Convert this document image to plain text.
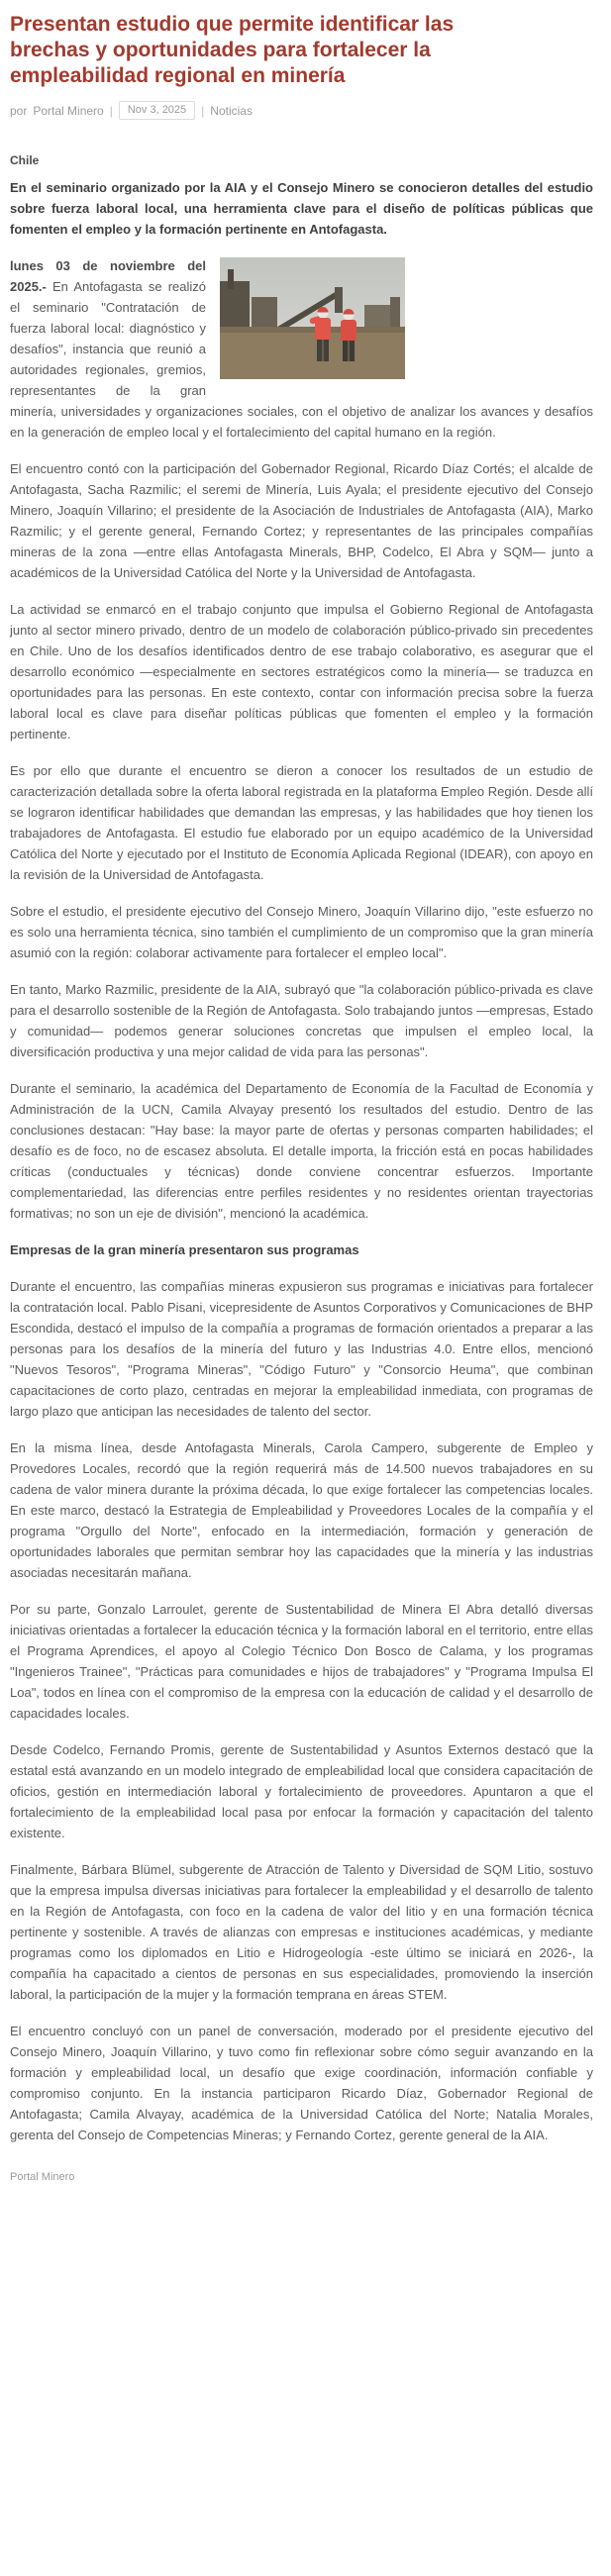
Presentan estudio que permite identificar las brechas y oportunidades para fortalecer la empleabilidad regional en minería
por Portal Minero |	Nov 3, 2025	| Noticias
Chile

En el seminario organizado por la AIA y el Consejo Minero se conocieron detalles del estudio sobre fuerza laboral local, una herramienta clave para el diseño de políticas públicas que fomenten el empleo y la formación pertinente en Antofagasta.

lunes 03 de noviembre del 2025.- En Antofagasta se realizó el seminario "Contratación de fuerza laboral local: diagnóstico y desafíos", instancia que reunió a autoridades regionales, gremios, representantes de la gran minería, universidades y organizaciones sociales, con el objetivo de analizar los avances y desafíos en la generación de empleo local y el fortalecimiento del capital humano en la región.

El encuentro contó con la participación del Gobernador Regional, Ricardo Díaz Cortés; el alcalde de Antofagasta, Sacha Razmilic; el seremi de Minería, Luis Ayala; el presidente ejecutivo del Consejo Minero, Joaquín Villarino; el presidente de la Asociación de Industriales de Antofagasta (AIA), Marko Razmilic; y el gerente general, Fernando Cortez; y representantes de las principales compañías mineras de la zona —entre ellas Antofagasta Minerals, BHP, Codelco, El Abra y SQM— junto a académicos de la Universidad Católica del Norte y la Universidad de Antofagasta.

La actividad se enmarcó en el trabajo conjunto que impulsa el Gobierno Regional de Antofagasta junto al sector minero privado, dentro de un modelo de colaboración público-privado sin precedentes en Chile. Uno de los desafíos identificados dentro de ese trabajo colaborativo, es asegurar que el desarrollo económico —especialmente en sectores estratégicos como la minería— se traduzca en oportunidades para las personas. En este contexto, contar con información precisa sobre la fuerza laboral local es clave para diseñar políticas públicas que fomenten el empleo y la formación pertinente.

Es por ello que durante el encuentro se dieron a conocer los resultados de un estudio de caracterización detallada sobre la oferta laboral registrada en la plataforma Empleo Región. Desde allí se lograron identificar habilidades que demandan las empresas, y las habilidades que hoy tienen los trabajadores de Antofagasta. El estudio fue elaborado por un equipo académico de la Universidad Católica del Norte y ejecutado por el Instituto de Economía Aplicada Regional (IDEAR), con apoyo en la revisión de la Universidad de Antofagasta.

Sobre el estudio, el presidente ejecutivo del Consejo Minero, Joaquín Villarino dijo, "este esfuerzo no es solo una herramienta técnica, sino también el cumplimiento de un compromiso que la gran minería asumió con la región: colaborar activamente para fortalecer el empleo local".

En tanto, Marko Razmilic, presidente de la AIA, subrayó que "la colaboración público-privada es clave para el desarrollo sostenible de la Región de Antofagasta. Solo trabajando juntos —empresas, Estado y comunidad— podemos generar soluciones concretas que impulsen el empleo local, la diversificación productiva y una mejor calidad de vida para las personas".

Durante el seminario, la académica del Departamento de Economía de la Facultad de Economía y Administración de la UCN, Camila Alvayay presentó los resultados del estudio. Dentro de las conclusiones destacan: "Hay base: la mayor parte de ofertas y personas comparten habilidades; el desafío es de foco, no de escasez absoluta. El detalle importa, la fricción está en pocas habilidades críticas (conductuales y técnicas) donde conviene concentrar esfuerzos. Importante complementariedad, las diferencias entre perfiles residentes y no residentes orientan trayectorias formativas; no son un eje de división", mencionó la académica.

Empresas de la gran minería presentaron sus programas

Durante el encuentro, las compañías mineras expusieron sus programas e iniciativas para fortalecer la contratación local. Pablo Pisani, vicepresidente de Asuntos Corporativos y Comunicaciones de BHP Escondida, destacó el impulso de la compañía a programas de formación orientados a preparar a las personas para los desafíos de la minería del futuro y las Industrias 4.0. Entre ellos, mencionó "Nuevos Tesoros", "Programa Mineras", "Código Futuro" y "Consorcio Heuma", que combinan capacitaciones de corto plazo, centradas en mejorar la empleabilidad inmediata, con programas de largo plazo que anticipan las necesidades de talento del sector.

En la misma línea, desde Antofagasta Minerals, Carola Campero, subgerente de Empleo y Provedores Locales, recordó que la región requerirá más de 14.500 nuevos trabajadores en su cadena de valor minera durante la próxima década, lo que exige fortalecer las competencias locales. En este marco, destacó la Estrategia de Empleabilidad y Proveedores Locales de la compañía y el programa "Orgullo del Norte", enfocado en la intermediación, formación y generación de oportunidades laborales que permitan sembrar hoy las capacidades que la minería y las industrias asociadas necesitarán mañana.

Por su parte, Gonzalo Larroulet, gerente de Sustentabilidad de Minera El Abra detalló diversas iniciativas orientadas a fortalecer la educación técnica y la formación laboral en el territorio, entre ellas el Programa Aprendices, el apoyo al Colegio Técnico Don Bosco de Calama, y los programas "Ingenieros Trainee", "Prácticas para comunidades e hijos de trabajadores" y "Programa Impulsa El Loa", todos en línea con el compromiso de la empresa con la educación de calidad y el desarrollo de capacidades locales.

Desde Codelco, Fernando Promis, gerente de Sustentabilidad y Asuntos Externos destacó que la estatal está avanzando en un modelo integrado de empleabilidad local que considera capacitación de oficios, gestión en intermediación laboral y fortalecimiento de proveedores. Apuntaron a que el fortalecimiento de la empleabilidad local pasa por enfocar la formación y capacitación del talento existente.

Finalmente, Bárbara Blümel, subgerente de Atracción de Talento y Diversidad de SQM Litio, sostuvo que la empresa impulsa diversas iniciativas para fortalecer la empleabilidad y el desarrollo de talento en la Región de Antofagasta, con foco en la cadena de valor del litio y en una formación técnica pertinente y sostenible. A través de alianzas con empresas e instituciones académicas, y mediante programas como los diplomados en Litio e Hidrogeología -este último se iniciará en 2026-, la compañía ha capacitado a cientos de personas en sus especialidades, promoviendo la inserción laboral, la participación de la mujer y la formación temprana en áreas STEM.

El encuentro concluyó con un panel de conversación, moderado por el presidente ejecutivo del Consejo Minero, Joaquín Villarino, y tuvo como fin reflexionar sobre cómo seguir avanzando en la formación y empleabilidad local, un desafío que exige coordinación, información confiable y compromiso conjunto. En la instancia participaron Ricardo Díaz, Gobernador Regional de Antofagasta; Camila Alvayay, académica de la Universidad Católica del Norte; Natalia Morales, gerenta del Consejo de Competencias Mineras; y Fernando Cortez, gerente general de la AIA.

Portal Minero
